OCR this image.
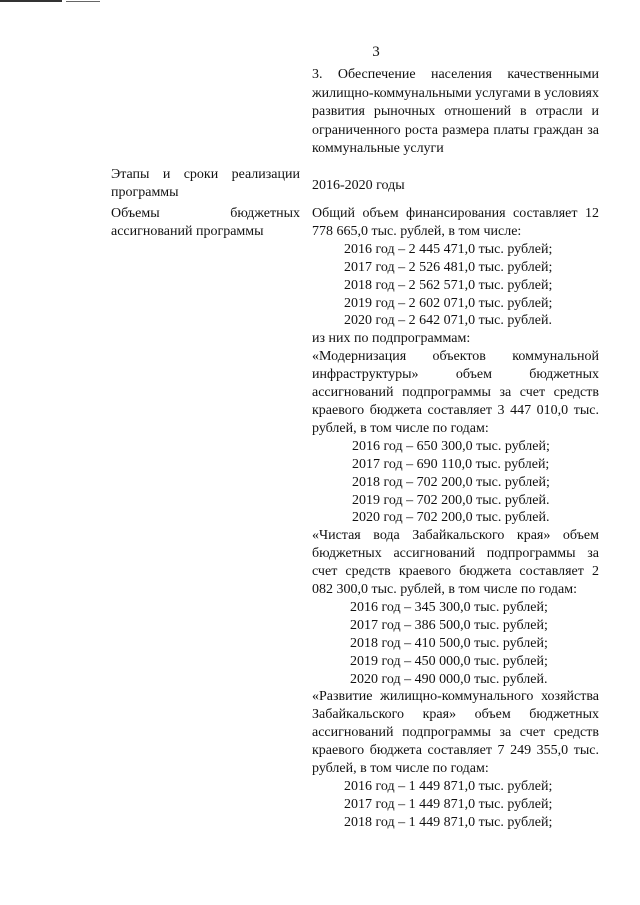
3

3. Обеспечение населения качественными жилищно-коммунальными услугами в условиях развития рыночных отношений в отрасли и ограниченного роста размера платы граждан за коммунальные услуги

Этапы и сроки реализации программы	2016-2020 годы
Объемы бюджетных ассигнований программы

Общий объем финансирования составляет 12 778 665,0 тыс. рублей, в том числе:

2016 год – 2 445 471,0 тыс. рублей;

2017 год – 2 526 481,0 тыс. рублей;

2018 год – 2 562 571,0 тыс. рублей;

2019 год – 2 602 071,0 тыс. рублей;

2020 год – 2 642 071,0 тыс. рублей.

из них по подпрограммам:

«Модернизация объектов коммунальной инфраструктуры» объем бюджетных ассигнований подпрограммы за счет средств краевого бюджета составляет 3 447 010,0 тыс. рублей, в том числе по годам:

2016 год – 650 300,0 тыс. рублей;

2017 год – 690 110,0 тыс. рублей;

2018 год – 702 200,0 тыс. рублей;

2019 год – 702 200,0 тыс. рублей.

2020 год – 702 200,0 тыс. рублей.

«Чистая вода Забайкальского края» объем бюджетных ассигнований подпрограммы за счет средств краевого бюджета составляет 2 082 300,0 тыс. рублей, в том числе по годам:

2016 год – 345 300,0 тыс. рублей;

2017 год – 386 500,0 тыс. рублей;

2018 год – 410 500,0 тыс. рублей;

2019 год – 450 000,0 тыс. рублей;

2020 год – 490 000,0 тыс. рублей.

«Развитие жилищно-коммунального хозяйства Забайкальского края» объем бюджетных ассигнований подпрограммы за счет средств краевого бюджета составляет 7 249 355,0 тыс. рублей, в том числе по годам:

2016 год – 1 449 871,0 тыс. рублей;

2017 год – 1 449 871,0 тыс. рублей;

2018 год – 1 449 871,0 тыс. рублей;
